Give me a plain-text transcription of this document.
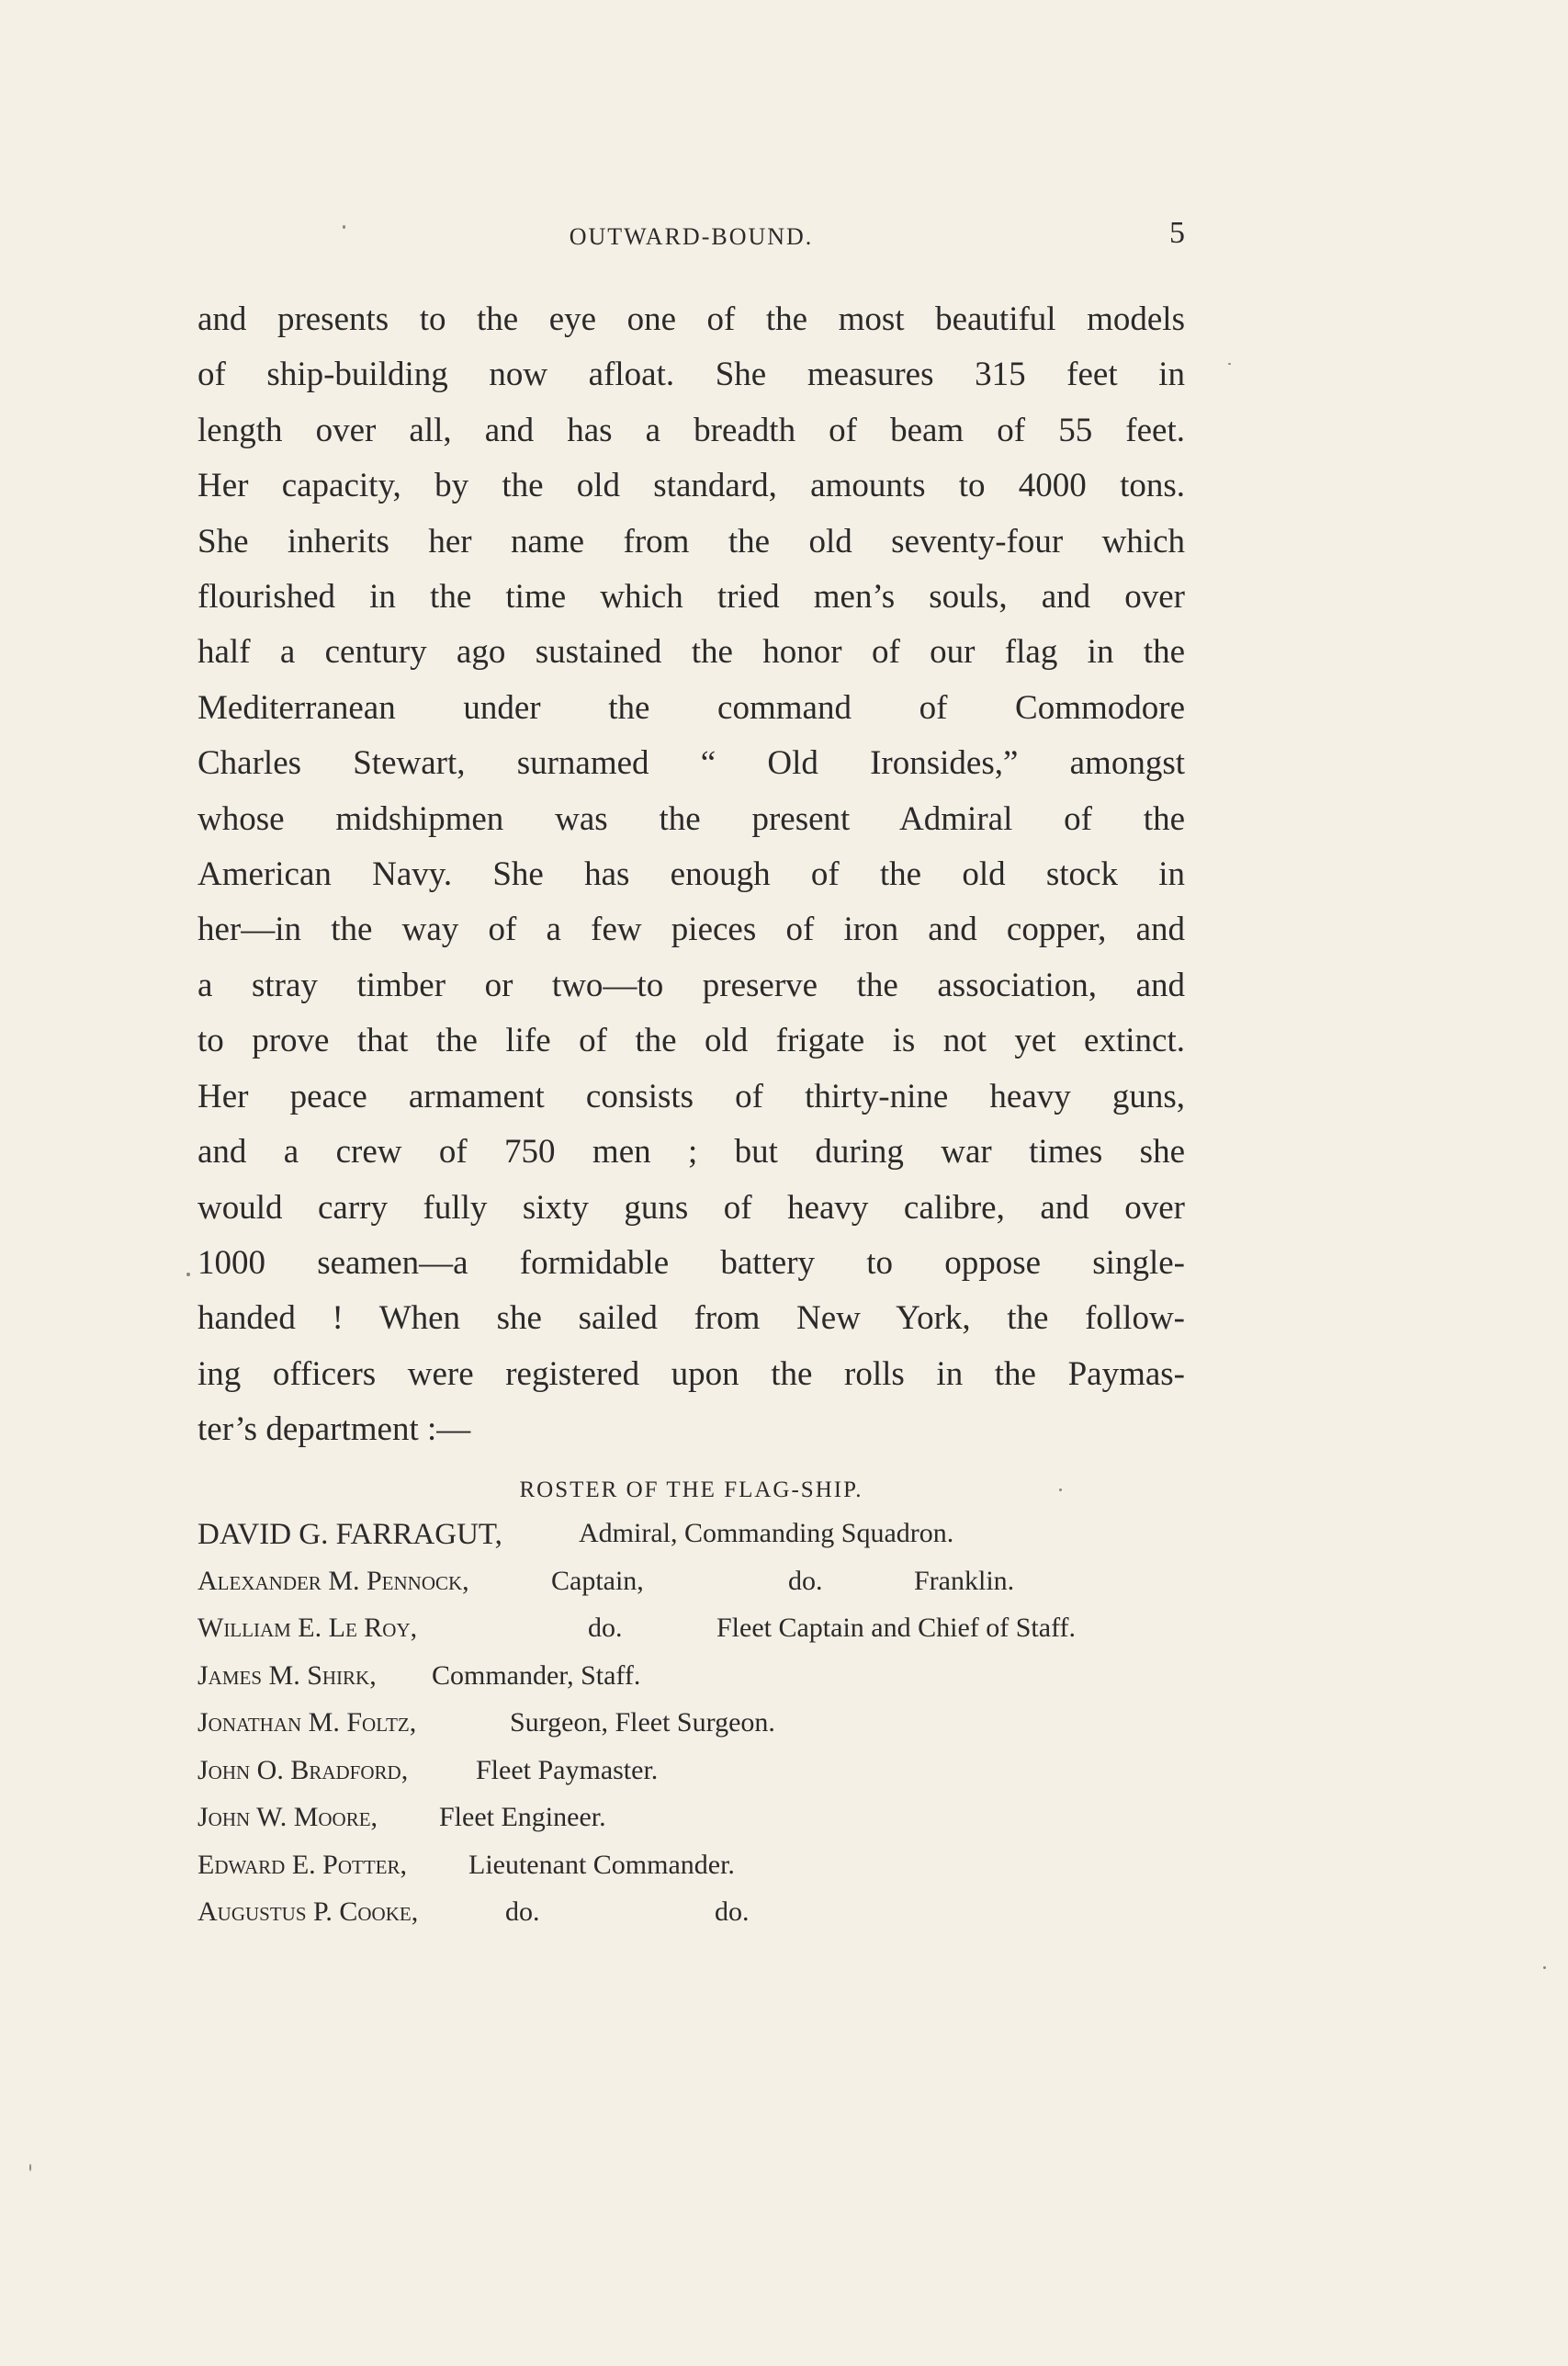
OUTWARD-BOUND.	5
and presents to the eye one of the most beautiful models
of ship-building now afloat. She measures 315 feet in
length over all, and has a breadth of beam of 55 feet.
Her capacity, by the old standard, amounts to 4000 tons.
She inherits her name from the old seventy-four which
flourished in the time which tried men’s souls, and over
half a century ago sustained the honor of our flag in the
Mediterranean under the command of Commodore
Charles Stewart, surnamed “ Old Ironsides,” amongst
whose midshipmen was the present Admiral of the
American Navy. She has enough of the old stock in
her—in the way of a few pieces of iron and copper, and
a stray timber or two—to preserve the association, and
to prove that the life of the old frigate is not yet extinct.
Her peace armament consists of thirty-nine heavy guns,
and a crew of 750 men ; but during war times she
would carry fully sixty guns of heavy calibre, and over
1000 seamen—a formidable battery to oppose single-
handed ! When she sailed from New York, the follow-
ing officers were registered upon the rolls in the Paymas-
ter’s department :—
ROSTER OF THE FLAG-SHIP.
DAVID G. FARRAGUT,	Admiral, Commanding Squadron.
Alexander M. Pennock,	Captain,	do.	Franklin.
William E. Le Roy,	do.	Fleet Captain and Chief of Staff.
James M. Shirk, Commander, Staff.
Jonathan M. Foltz,	Surgeon, Fleet Surgeon.
John O. Bradford, Fleet Paymaster.
John W. Moore, Fleet Engineer.
Edward E. Potter, Lieutenant Commander.
Augustus P. Cooke,	do.	do.
